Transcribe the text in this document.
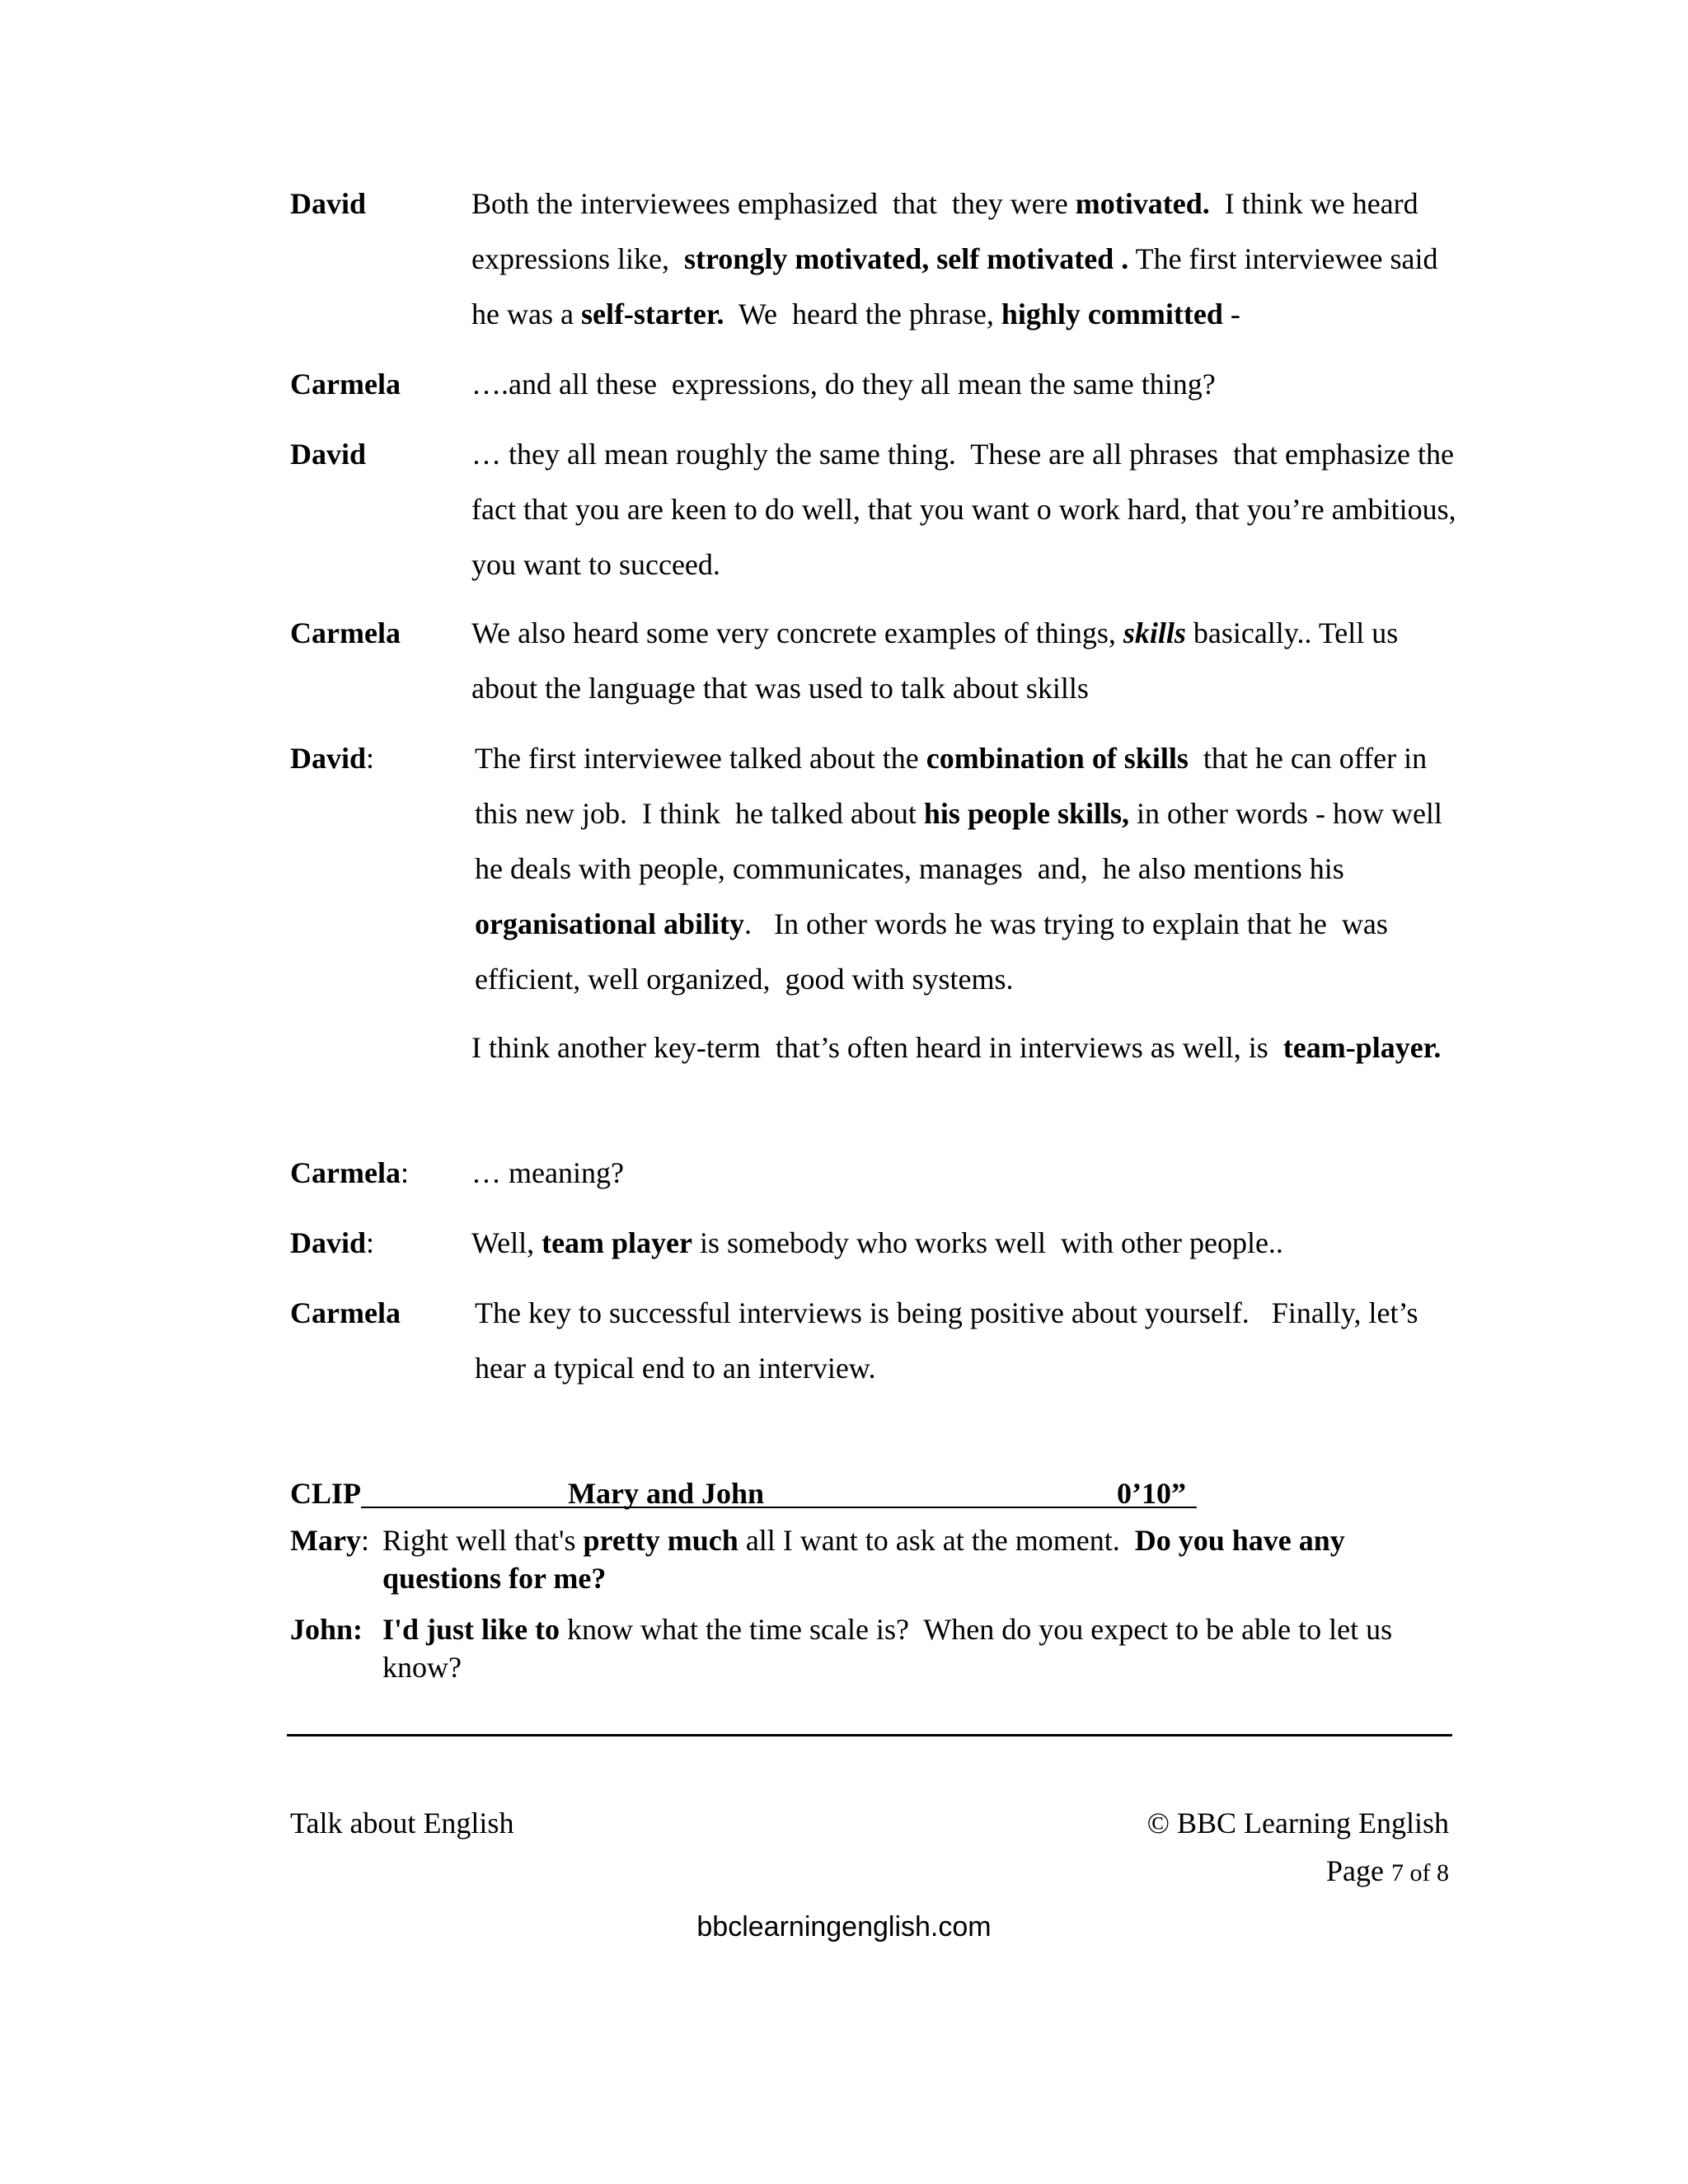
David	Both the interviewees emphasized  that  they were motivated.  I think we heard expressions like,  strongly motivated, self motivated . The first interviewee said he was a self-starter.  We  heard the phrase, highly committed -
Carmela ….and all these  expressions, do they all mean the same thing?
David	… they all mean roughly the same thing.  These are all phrases  that emphasize the fact that you are keen to do well, that you want o work hard, that you’re ambitious, you want to succeed.
Carmela We also heard some very concrete examples of things, skills basically.. Tell us about the language that was used to talk about skills
David:	The first interviewee talked about the combination of skills  that he can offer in this new job.  I think  he talked about his people skills, in other words - how well he deals with people, communicates, manages  and,  he also mentions his organisational ability.   In other words he was trying to explain that he  was efficient, well organized,  good with systems.
I think another key-term  that’s often heard in interviews as well, is  team-player.
Carmela: … meaning?
David:	Well, team player is somebody who works well  with other people..
Carmela	The key to successful interviews is being positive about yourself.   Finally, let’s hear a typical end to an interview.
CLIP	Mary and John	0’10”
Mary: Right well that's pretty much all I want to ask at the moment.  Do you have any questions for me?
John: I'd just like to know what the time scale is?  When do you expect to be able to let us know?
Talk about English	© BBC Learning English
Page 7 of 8
bbclearningenglish.com
